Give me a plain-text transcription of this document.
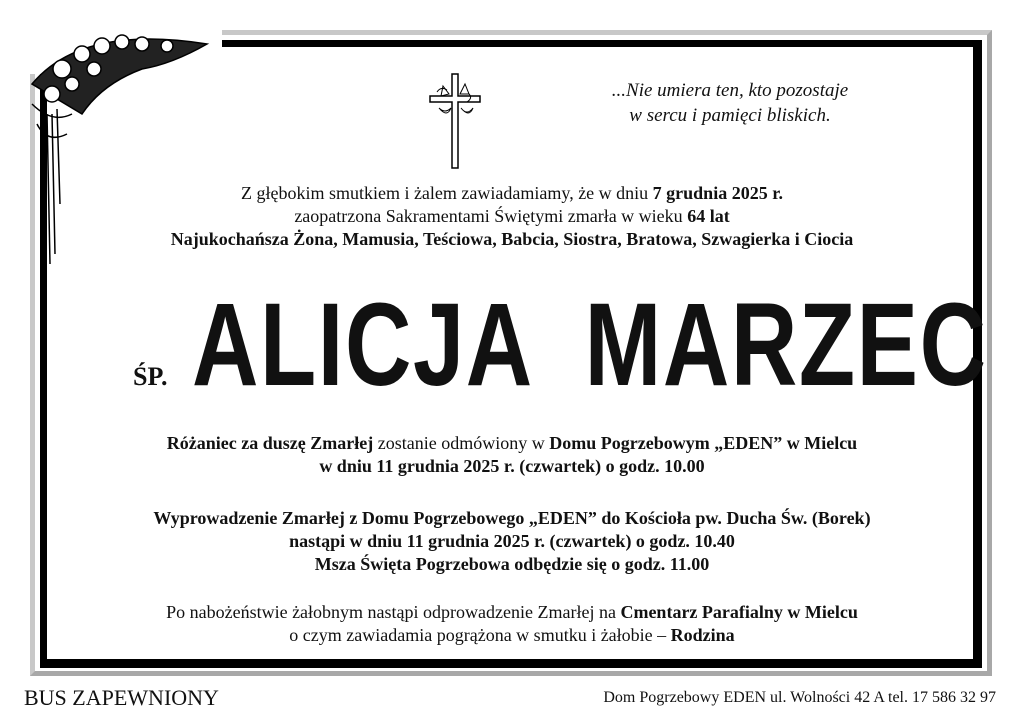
...Nie umiera ten, kto pozostaje
w sercu i pamięci bliskich.
Z głębokim smutkiem i żalem zawiadamiamy, że w dniu 7 grudnia 2025 r.
zaopatrzona Sakramentami Świętymi zmarła w wieku 64 lat
Najukochańsza Żona, Mamusia, Teściowa, Babcia, Siostra, Bratowa, Szwagierka i Ciocia
ŚP. ALICJA  MARZEC
Różaniec za duszę Zmarłej zostanie odmówiony w Domu Pogrzebowym „EDEN” w Mielcu
w dniu 11 grudnia 2025 r. (czwartek) o godz. 10.00
Wyprowadzenie Zmarłej z Domu Pogrzebowego „EDEN” do Kościoła pw. Ducha Św. (Borek)
nastąpi w dniu 11 grudnia 2025 r. (czwartek) o godz. 10.40
Msza Święta Pogrzebowa odbędzie się o godz. 11.00
Po nabożeństwie żałobnym nastąpi odprowadzenie Zmarłej na Cmentarz Parafialny w Mielcu
o czym zawiadamia pogrążona w smutku i żałobie – Rodzina
BUS ZAPEWNIONY	Dom Pogrzebowy EDEN ul. Wolności 42 A tel. 17 586 32 97
